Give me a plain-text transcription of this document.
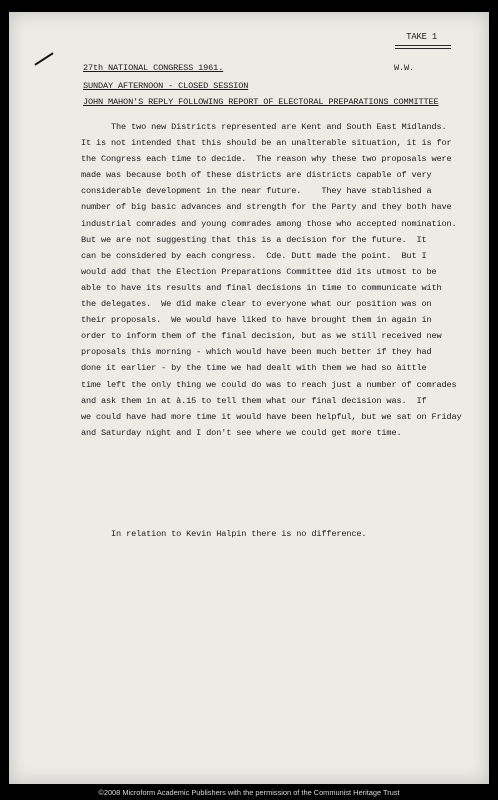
TAKE 1
27th NATIONAL CONGRESS 1961.	W.W.
SUNDAY AFTERNOON - CLOSED SESSION
JOHN MAHON'S REPLY FOLLOWING REPORT OF ELECTORAL PREPARATIONS COMMITTEE
The two new Districts represented are Kent and South East Midlands.
It is not intended that this should be an unalterable situation, it is for
the Congress each time to decide.  The reason why these two proposals were
made was because both of these districts are districts capable of very
considerable development in the near future.    They have stablished a
number of big basic advances and strength for the Party and they both have
industrial comrades and young comrades among those who accepted nomination.
But we are not suggesting that this is a decision for the future.  It
can be considered by each congress.  Cde. Dutt made the point.  But I
would add that the Election Preparations Committee did its utmost to be
able to have its results and final decisions in time to communicate with
the delegates.  We did make clear to everyone what our position was on
their proposals.  We would have liked to have brought them in again in
order to inform them of the final decision, but as we still received new
proposals this morning - which would have been much better if they had
done it earlier - by the time we had dealt with them we had so àittle
time left the only thing we could do was to reach just a number of comrades
and ask them in at à.15 to tell them what our final decision was.  If
we could have had more time it would have been helpful, but we sat on Friday
and Saturday night and I don't see where we could get more time.
In relation to Kevin Halpin there is no difference.
©2008 Microform Academic Publishers with the permission of the Communist Heritage Trust
